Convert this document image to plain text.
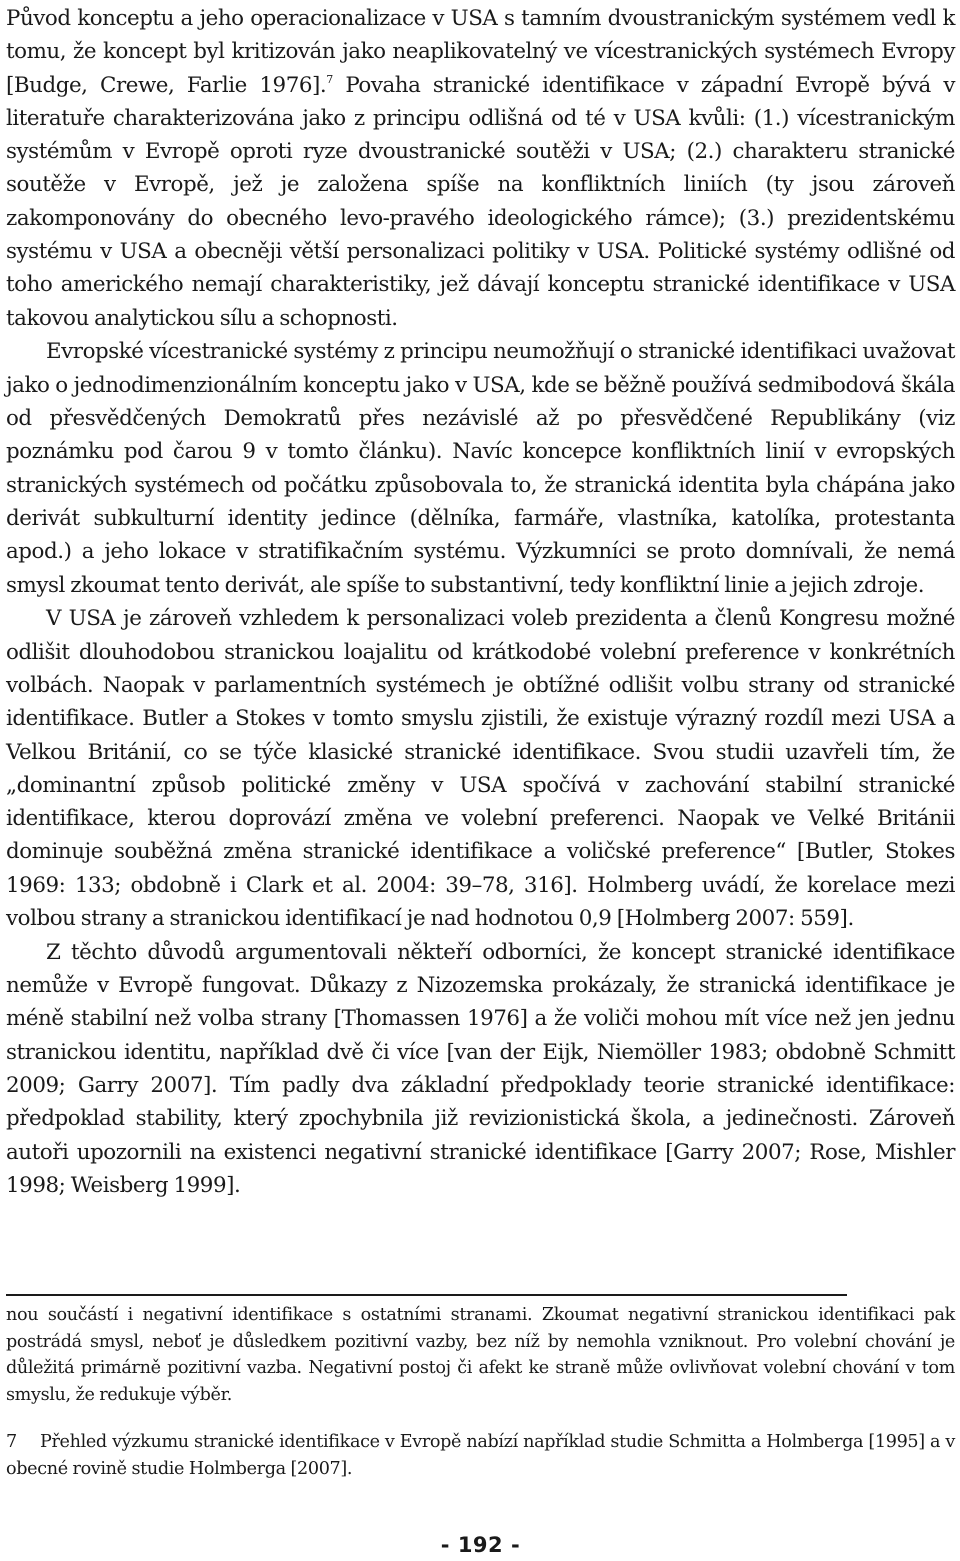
Původ konceptu a jeho operacionalizace v USA s tamním dvoustranickým systémem vedl k tomu, že koncept byl kritizován jako neaplikovatelný ve vícestranických systémech Evropy [Budge, Crewe, Farlie 1976].$^7$ Povaha stranické identifikace v západní Evropě bývá v literatuře charakterizována jako z principu odlišná od té v USA kvůli: (1.) vícestranickým systémům v Evropě oproti ryze dvoustranické soutěži v USA; (2.) charakteru stranické soutěže v Evropě, jež je založena spíše na konfliktních liniích (ty jsou zároveň zakomponovány do obecného levo-pravého ideologického rámce); (3.) prezidentskému systému v USA a obecněji větší personalizaci politiky v USA. Politické systémy odlišné od toho amerického nemají charakteristiky, jež dávají konceptu stranické identifikace v USA takovou analytickou sílu a schopnosti.

Evropské vícestranické systémy z principu neumožňují o stranické identifikaci uvažovat jako o jednodimenzionálním konceptu jako v USA, kde se běžně používá sedmibodová škála od přesvědčených Demokratů přes nezávislé až po přesvědčené Republikány (viz poznámku pod čarou 9 v tomto článku). Navíc koncepce konfliktních linií v evropských stranických systémech od počátku způsobovala to, že stranická identita byla chápána jako derivát subkulturní identity jedince (dělníka, farmáře, vlastníka, katolíka, protestanta apod.) a jeho lokace v stratifikačním systému. Výzkumníci se proto domnívali, že nemá smysl zkoumat tento derivát, ale spíše to substantivní, tedy konfliktní linie a jejich zdroje.

V USA je zároveň vzhledem k personalizaci voleb prezidenta a členů Kongresu možné odlišit dlouhodobou stranickou loajalitu od krátkodobé volební preference v konkrétních volbách. Naopak v parlamentních systémech je obtížné odlišit volbu strany od stranické identifikace. Butler a Stokes v tomto smyslu zjistili, že existuje výrazný rozdíl mezi USA a Velkou Británií, co se týče klasické stranické identifikace. Svou studii uzavřeli tím, že „dominantní způsob politické změny v USA spočívá v zachování stabilní stranické identifikace, kterou doprovází změna ve volební preferenci. Naopak ve Velké Británii dominuje souběžná změna stranické identifikace a voličské preference“ [Butler, Stokes 1969: 133; obdobně i Clark et al. 2004: 39–78, 316]. Holmberg uvádí, že korelace mezi volbou strany a stranickou identifikací je nad hodnotou 0,9 [Holmberg 2007: 559].

Z těchto důvodů argumentovali někteří odborníci, že koncept stranické identifikace nemůže v Evropě fungovat. Důkazy z Nizozemska prokázaly, že stranická identifikace je méně stabilní než volba strany [Thomassen 1976] a že voliči mohou mít více než jen jednu stranickou identitu, například dvě či více [van der Eijk, Niemöller 1983; obdobně Schmitt 2009; Garry 2007]. Tím padly dva základní předpoklady teorie stranické identifikace: předpoklad stability, který zpochybnila již revizionistická škola, a jedinečnosti. Zároveň autoři upozornili na existenci negativní stranické identifikace [Garry 2007; Rose, Mishler 1998; Weisberg 1999].

nou součástí i negativní identifikace s ostatními stranami. Zkoumat negativní stranickou identifikaci pak postrádá smysl, neboť je důsledkem pozitivní vazby, bez níž by nemohla vzniknout. Pro volební chování je důležitá primárně pozitivní vazba. Negativní postoj či afekt ke straně může ovlivňovat volební chování v tom smyslu, že redukuje výběr.

7 Přehled výzkumu stranické identifikace v Evropě nabízí například studie Schmitta a Holmberga [1995] a v obecné rovině studie Holmberga [2007].

- 192 -
